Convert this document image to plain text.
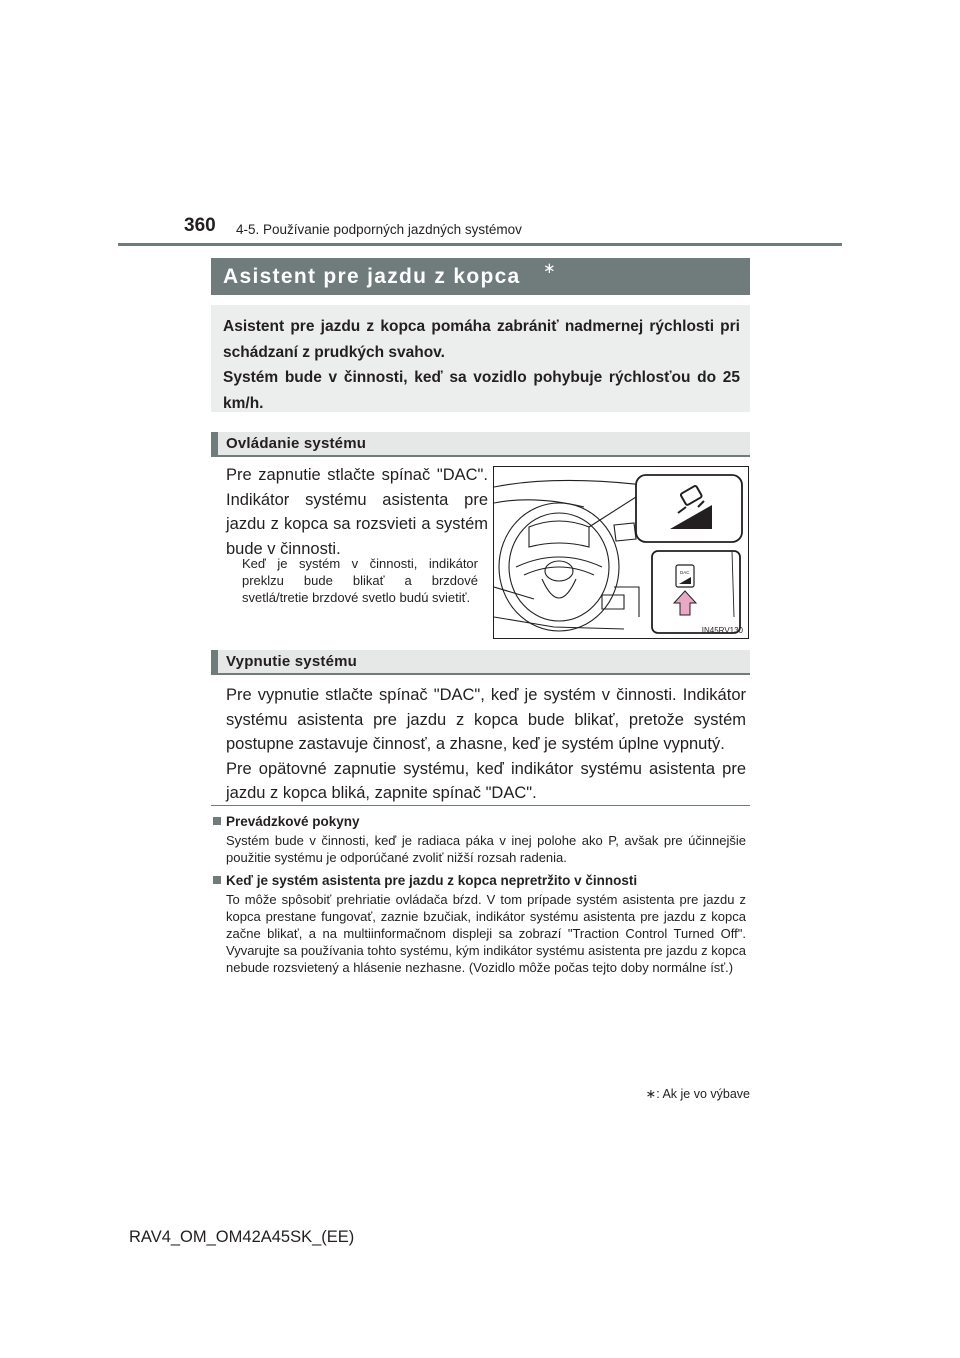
360 4-5. Používanie podporných jazdných systémov
Asistent pre jazdu z kopca ∗

Asistent pre jazdu z kopca pomáha zabrániť nadmernej rýchlosti pri schádzaní z prudkých svahov.

Systém bude v činnosti, keď sa vozidlo pohybuje rýchlosťou do 25 km/h.

Ovládanie systému

Pre zapnutie stlačte spínač "DAC". Indikátor systému asistenta pre jazdu z kopca sa rozsvieti a systém bude v činnosti.

Keď je systém v činnosti, indikátor preklzu bude blikať a brzdové svetlá/tretie brzdové svetlo budú svietiť.

DAC
IN45RV130
Vypnutie systému

Pre vypnutie stlačte spínač "DAC", keď je systém v činnosti. Indikátor systému asistenta pre jazdu z kopca bude blikať, pretože systém postupne zastavuje činnosť, a zhasne, keď je systém úplne vypnutý.

Pre opätovné zapnutie systému, keď indikátor systému asistenta pre jazdu z kopca bliká, zapnite spínač "DAC".

Prevádzkové pokyny

Systém bude v činnosti, keď je radiaca páka v inej polohe ako P, avšak pre účinnejšie použitie systému je odporúčané zvoliť nižší rozsah radenia.

Keď je systém asistenta pre jazdu z kopca nepretržito v činnosti

To môže spôsobiť prehriatie ovládača bŕzd. V tom prípade systém asistenta pre jazdu z kopca prestane fungovať, zaznie bzučiak, indikátor systému asistenta pre jazdu z kopca začne blikať, a na multiinformačnom displeji sa zobrazí "Traction Control Turned Off". Vyvarujte sa používania tohto systému, kým indikátor systému asistenta pre jazdu z kopca nebude rozsvietený a hlásenie nezhasne. (Vozidlo môže počas tejto doby normálne ísť.)

∗: Ak je vo výbave
RAV4_OM_OM42A45SK_(EE)
